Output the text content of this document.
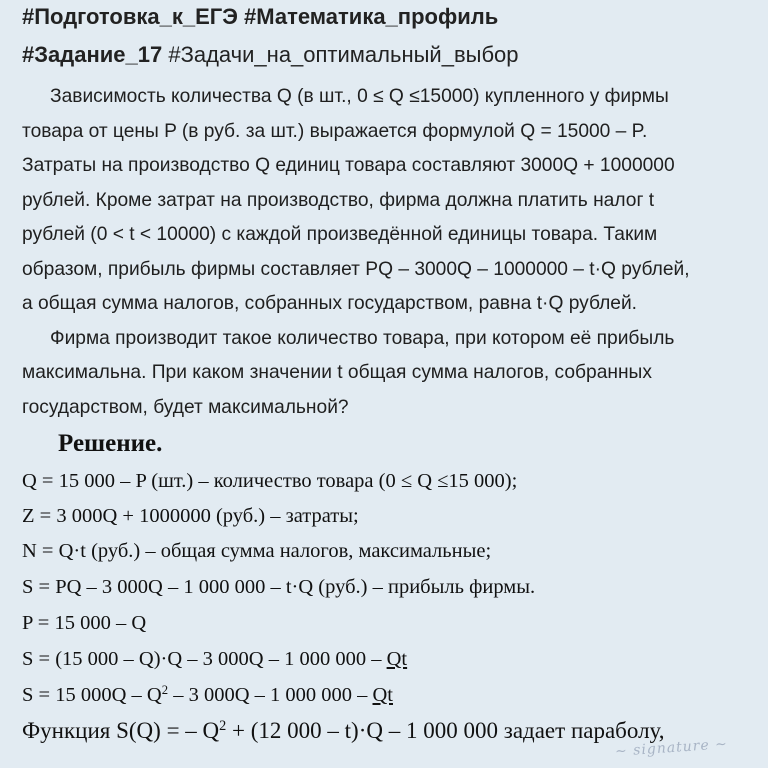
#Подготовка_к_ЕГЭ #Математика_профиль
#Задание_17 #Задачи_на_оптимальный_выбор
Зависимость количества Q (в шт., 0 ≤ Q ≤15000) купленного у фирмы
товара от цены P (в руб. за шт.) выражается формулой Q = 15000 – P.
Затраты на производство Q единиц товара составляют 3000Q + 1000000
рублей. Кроме затрат на производство, фирма должна платить налог t
рублей (0 < t < 10000) с каждой произведённой единицы товара. Таким
образом, прибыль фирмы составляет PQ – 3000Q – 1000000 – t·Q рублей,
а общая сумма налогов, собранных государством, равна t·Q рублей.
Фирма производит такое количество товара, при котором её прибыль
максимальна. При каком значении t общая сумма налогов, собранных
государством, будет максимальной?
Решение.
Q = 15 000 – P (шт.) – количество товара (0 ≤ Q ≤15 000);
Z = 3 000Q + 1000000 (руб.) – затраты;
N = Q·t (руб.) – общая сумма налогов, максимальные;
S = PQ – 3 000Q – 1 000 000 – t·Q (руб.) – прибыль фирмы.
P = 15 000 – Q
S = (15 000 – Q)·Q – 3 000Q – 1 000 000 – Qt
S = 15 $000Q - Q^2 - 3$ 000Q – 1 000 000 – Qt
Функция S(Q) = – $Q^2 + (12$ 000 – t)·Q – 1 000 000 задает параболу,
~ signature ~
